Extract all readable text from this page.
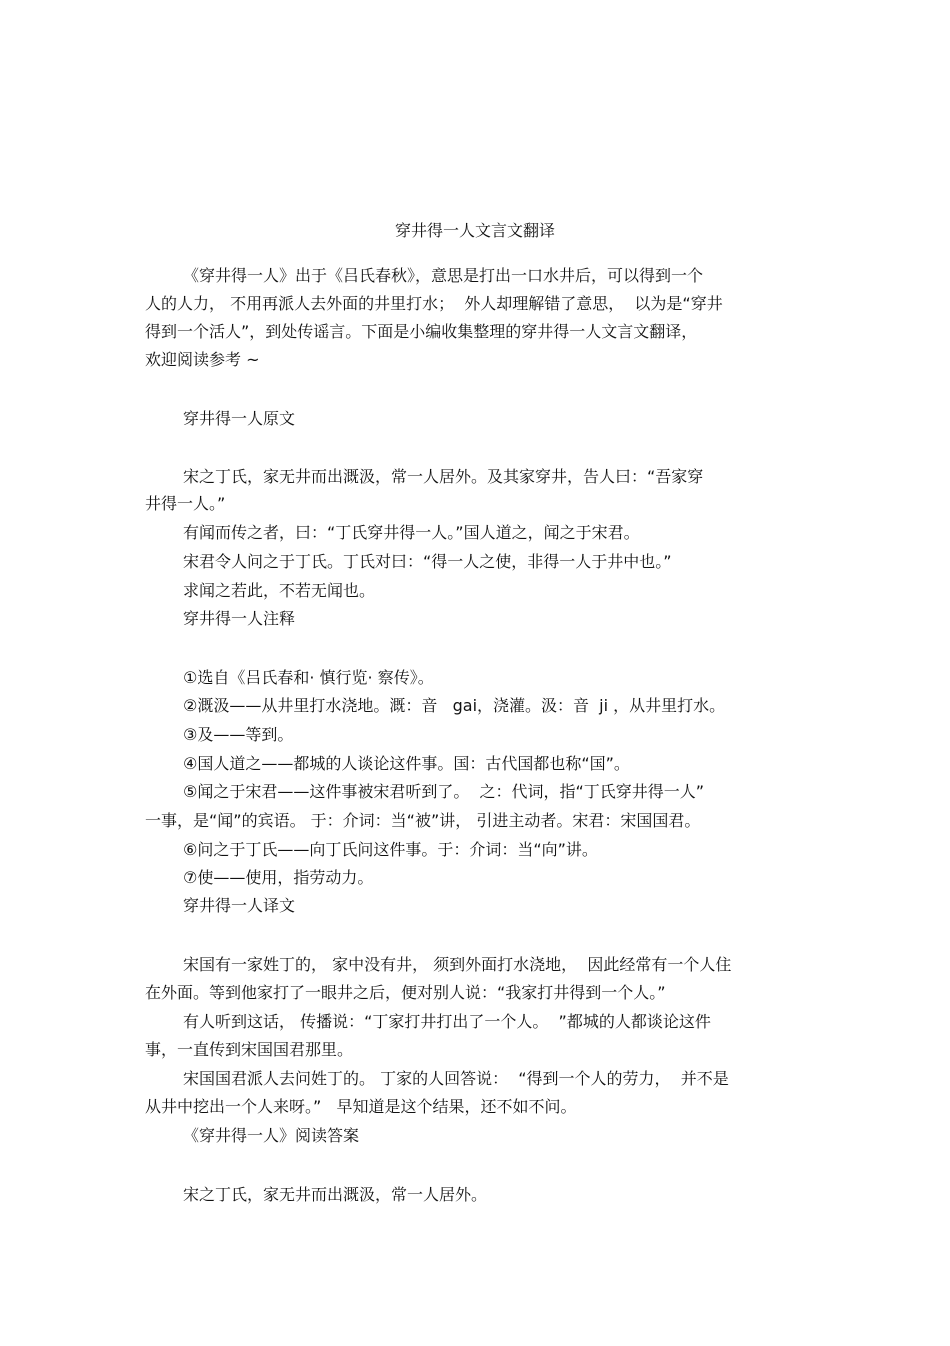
穿井得一人文言文翻译
《穿井得一人》出于《吕氏春秋》，意思是打出一口水井后，可以得到一个
人的人力， 不用再派人去外面的井里打水；  外人却理解错了意思，  以为是“穿井
得到一个活人”，到处传谣言。下面是小编收集整理的穿井得一人文言文翻译，
欢迎阅读参考 ~
穿井得一人原文
宋之丁氏，家无井而出溉汲，常一人居外。及其家穿井，告人曰：“吾家穿
井得一人。”
有闻而传之者，曰：“丁氏穿井得一人。”国人道之，闻之于宋君。
宋君令人问之于丁氏。丁氏对曰：“得一人之使，非得一人于井中也。”
求闻之若此，不若无闻也。
穿井得一人注释
①选自《吕氏春和· 慎行览· 察传》。
②溉汲——从井里打水浇地。溉：音   gai，浇灌。汲：音  ji ，从井里打水。
③及——等到。
④国人道之——都城的人谈论这件事。国：古代国都也称“国”。
⑤闻之于宋君——这件事被宋君听到了。  之：代词，指“丁氏穿井得一人”
一事，是“闻”的宾语。 于：介词：当“被”讲， 引进主动者。宋君：宋国国君。
⑥问之于丁氏——向丁氏问这件事。于：介词：当“向”讲。
⑦使——使用，指劳动力。
穿井得一人译文
宋国有一家姓丁的， 家中没有井， 须到外面打水浇地，  因此经常有一个人住
在外面。等到他家打了一眼井之后，便对别人说：“我家打井得到一个人。”
有人听到这话， 传播说：“丁家打井打出了一个人。  ”都城的人都谈论这件
事，一直传到宋国国君那里。
宋国国君派人去问姓丁的。 丁家的人回答说：  “得到一个人的劳力，  并不是
从井中挖出一个人来呀。”   早知道是这个结果，还不如不问。
《穿井得一人》阅读答案
宋之丁氏，家无井而出溉汲，常一人居外。
